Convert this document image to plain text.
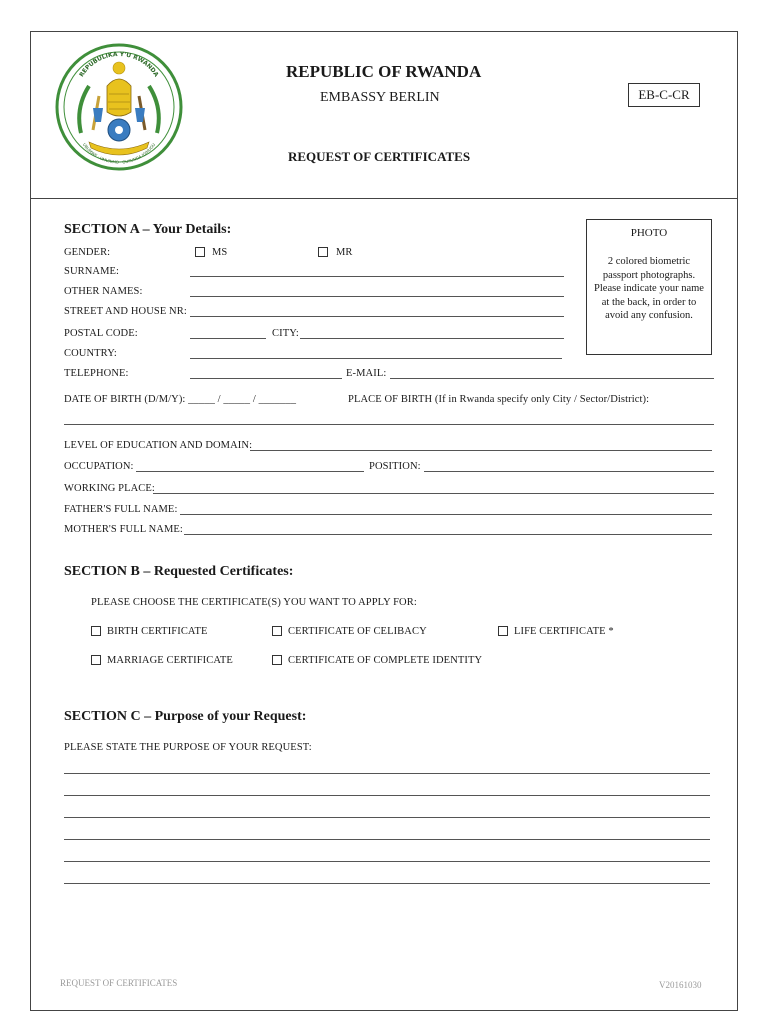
REPUBULIKA Y'U RWANDA
UBUMWE · UMURIMO · GUKUNDA IGIHUGU
REPUBLIC OF RWANDA
EMBASSY BERLIN	EB-C-CR
REQUEST OF CERTIFICATES
SECTION A – Your Details:	PHOTO
2 colored biometric passport photographs. Please indicate your name at the back, in order to avoid any confusion.
GENDER:	MS	MR
SURNAME:
OTHER NAMES:
STREET AND HOUSE NR:
POSTAL CODE:	CITY:
COUNTRY:
TELEPHONE:	E-MAIL:
DATE OF BIRTH (D/M/Y): _____ / _____ / _______	PLACE OF BIRTH (If in Rwanda specify only City / Sector/District):
LEVEL OF EDUCATION AND DOMAIN:
OCCUPATION:	POSITION:
WORKING PLACE:
FATHER'S FULL NAME:
MOTHER'S FULL NAME:
SECTION B – Requested Certificates:
PLEASE CHOOSE THE CERTIFICATE(S) YOU WANT TO APPLY FOR:
BIRTH CERTIFICATE	CERTIFICATE OF CELIBACY	LIFE CERTIFICATE *
MARRIAGE CERTIFICATE	CERTIFICATE OF COMPLETE IDENTITY
SECTION C – Purpose of your Request:
PLEASE STATE THE PURPOSE OF YOUR REQUEST:
REQUEST OF CERTIFICATES	V20161030
